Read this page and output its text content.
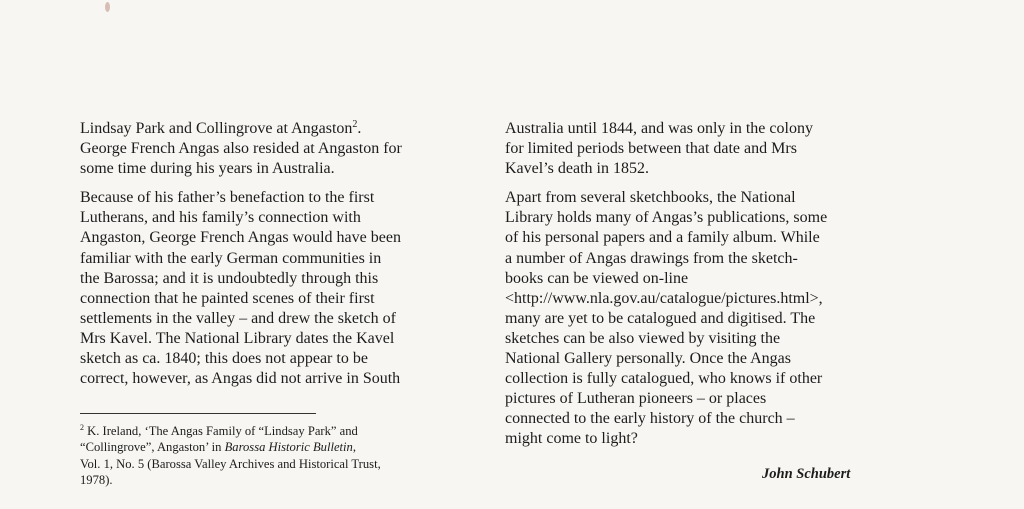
Lindsay Park and Collingrove at Angaston$^2$.
George French Angas also resided at Angaston for
some time during his years in Australia.
Because of his father’s benefaction to the first
Lutherans, and his family’s connection with
Angaston, George French Angas would have been
familiar with the early German communities in
the Barossa; and it is undoubtedly through this
connection that he painted scenes of their first
settlements in the valley – and drew the sketch of
Mrs Kavel. The National Library dates the Kavel
sketch as ca. 1840; this does not appear to be
correct, however, as Angas did not arrive in South
$^2$ K. Ireland, ‘The Angas Family of “Lindsay Park” and
“Collingrove”, Angaston’ in Barossa Historic Bulletin,
Vol. 1, No. 5 (Barossa Valley Archives and Historical Trust,
1978).
Australia until 1844, and was only in the colony
for limited periods between that date and Mrs
Kavel’s death in 1852.
Apart from several sketchbooks, the National
Library holds many of Angas’s publications, some
of his personal papers and a family album. While
a number of Angas drawings from the sketch-
books can be viewed on-line
<http://www.nla.gov.au/catalogue/pictures.html>,
many are yet to be catalogued and digitised. The
sketches can be also viewed by visiting the
National Gallery personally. Once the Angas
collection is fully catalogued, who knows if other
pictures of Lutheran pioneers – or places
connected to the early history of the church –
might come to light?
John Schubert
